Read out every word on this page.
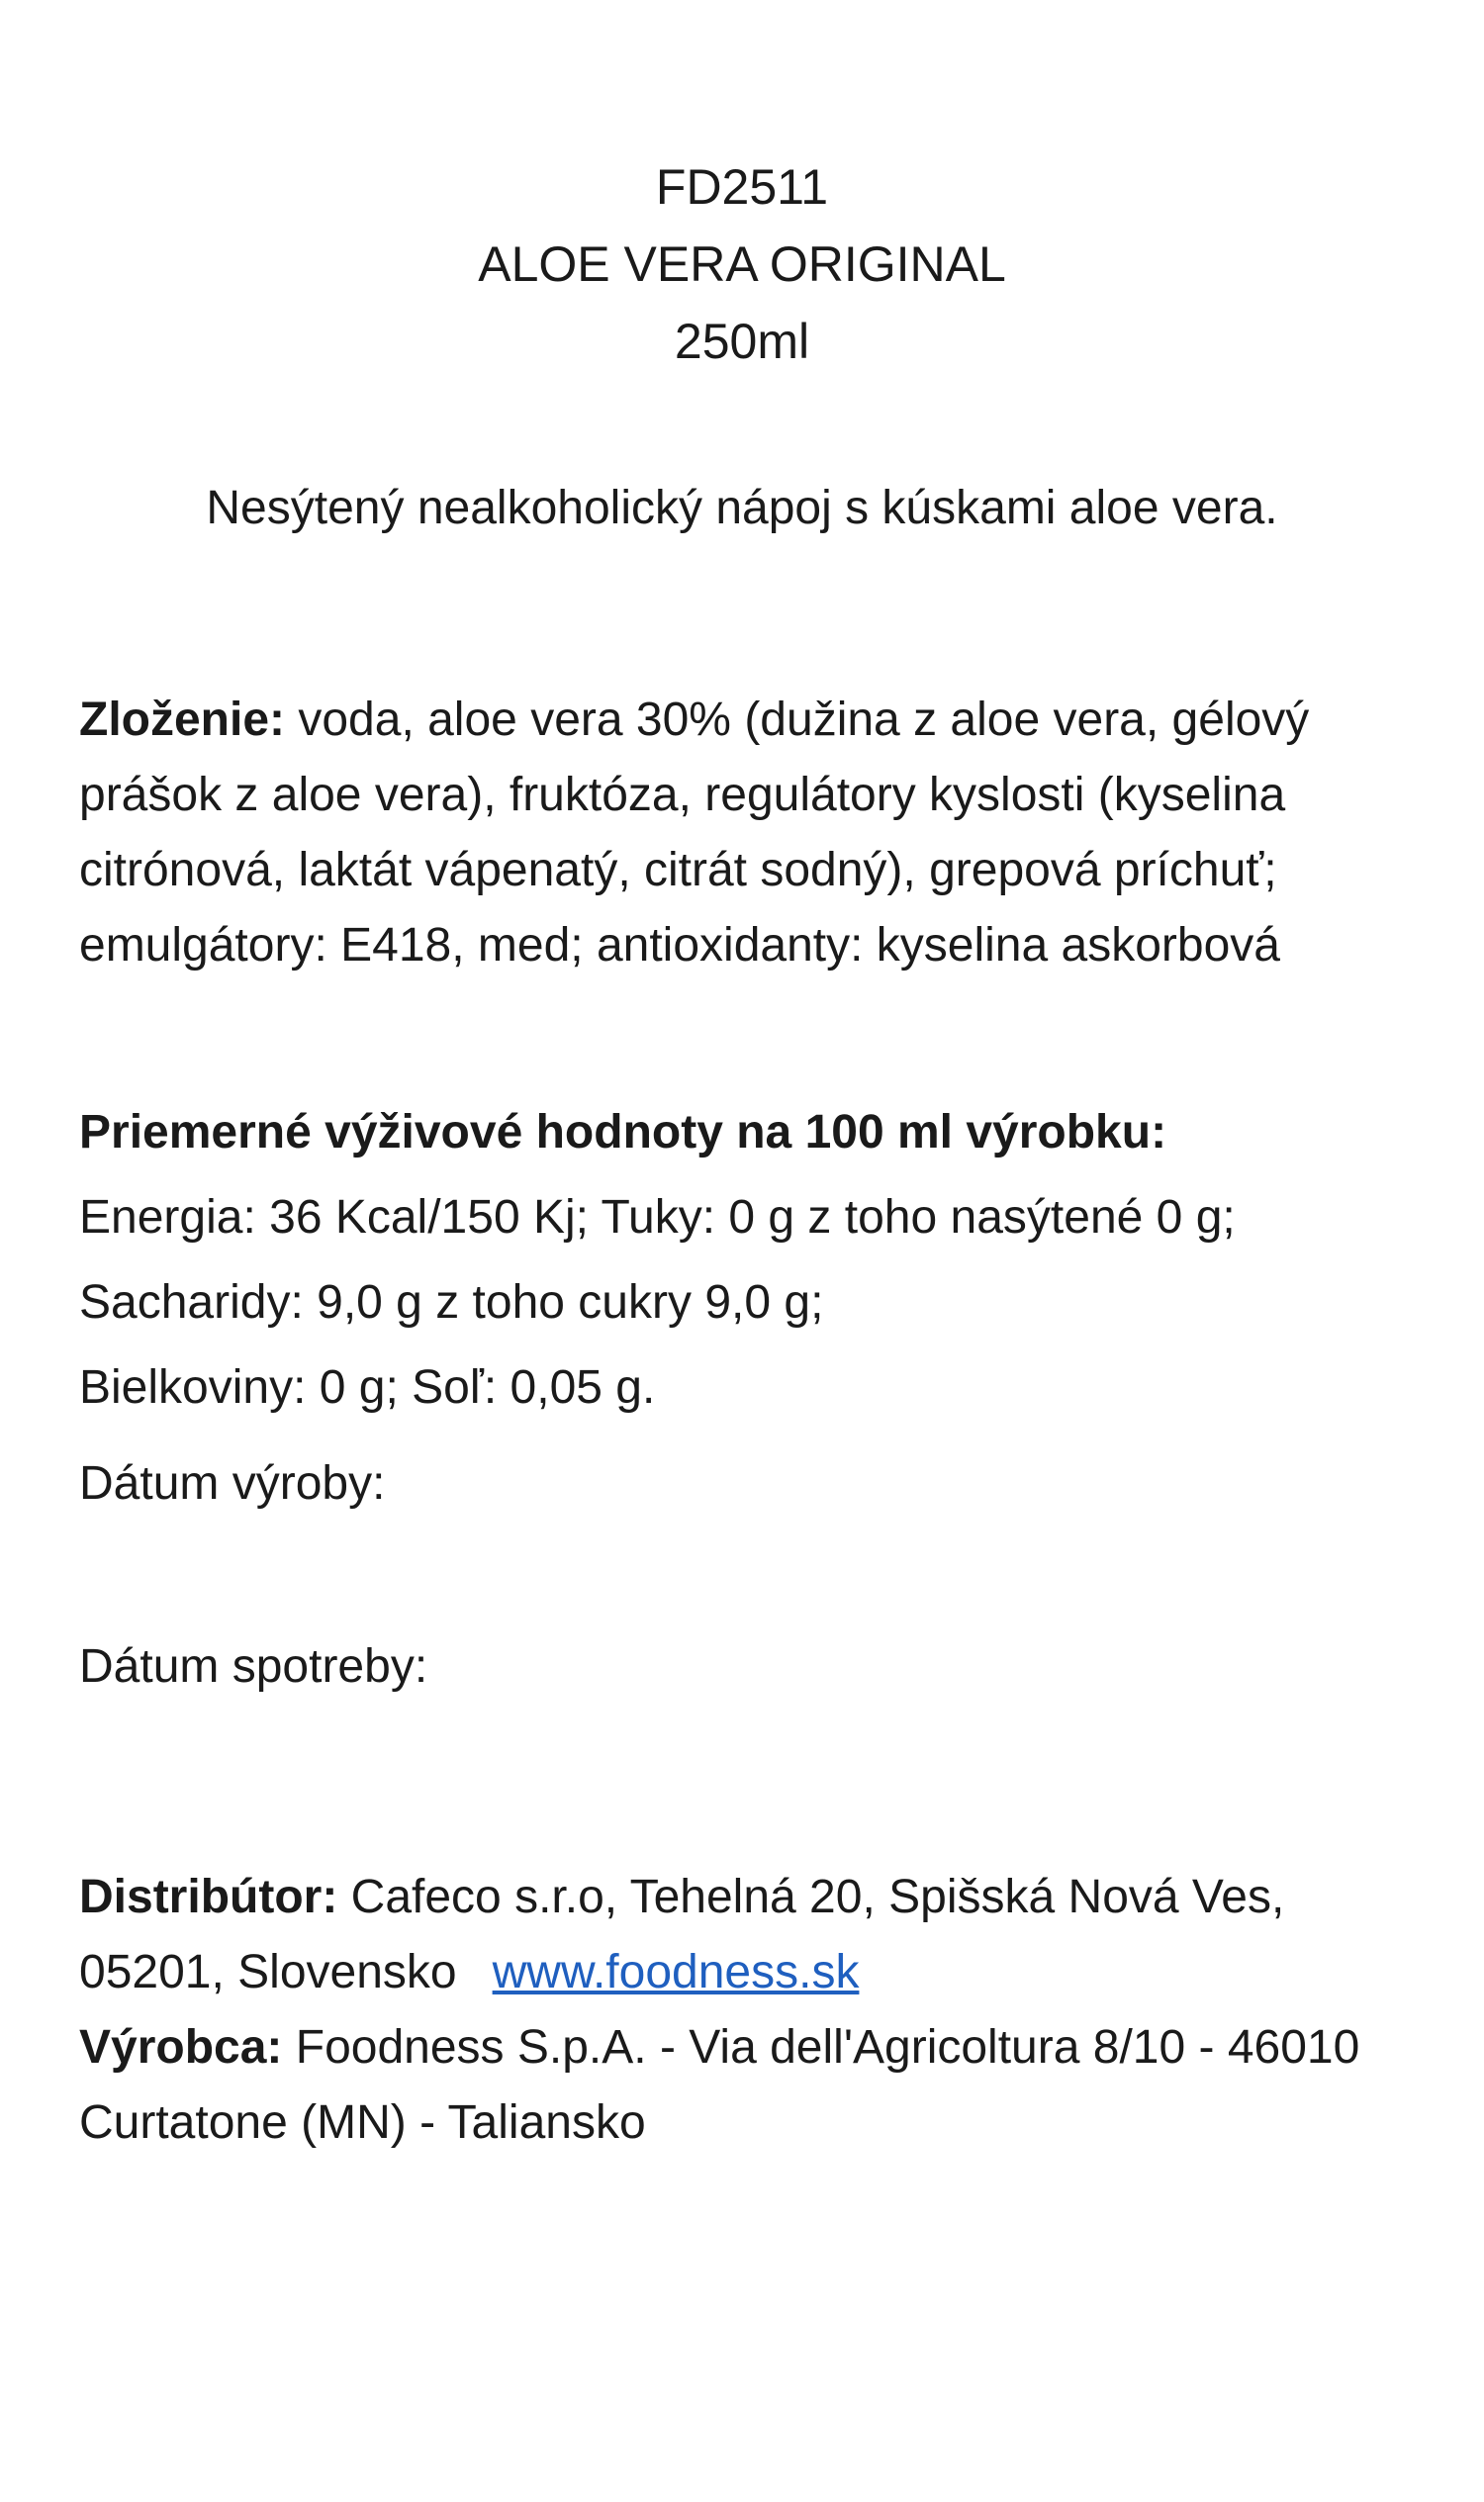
FD2511
ALOE VERA ORIGINAL
250ml
Nesýtený nealkoholický nápoj s kúskami aloe vera.
Zloženie: voda, aloe vera 30% (dužina z aloe vera, gélový prášok z aloe vera), fruktóza, regulátory kyslosti (kyselina citrónová, laktát vápenatý, citrát sodný), grepová príchuť; emulgátory: E418, med; antioxidanty: kyselina askorbová
Priemerné výživové hodnoty na 100 ml výrobku:
Energia: 36 Kcal/150 Kj; Tuky: 0 g z toho nasýtené 0 g;
Sacharidy: 9,0 g z toho cukry 9,0 g;
Bielkoviny: 0 g; Soľ: 0,05 g.
Dátum výroby:
Dátum spotreby:
Distribútor: Cafeco s.r.o, Tehelná 20, Spišská Nová Ves,
05201, Slovensko www.foodness.sk
Výrobca: Foodness S.p.A. - Via dell'Agricoltura 8/10 - 46010
Curtatone (MN) - Taliansko
